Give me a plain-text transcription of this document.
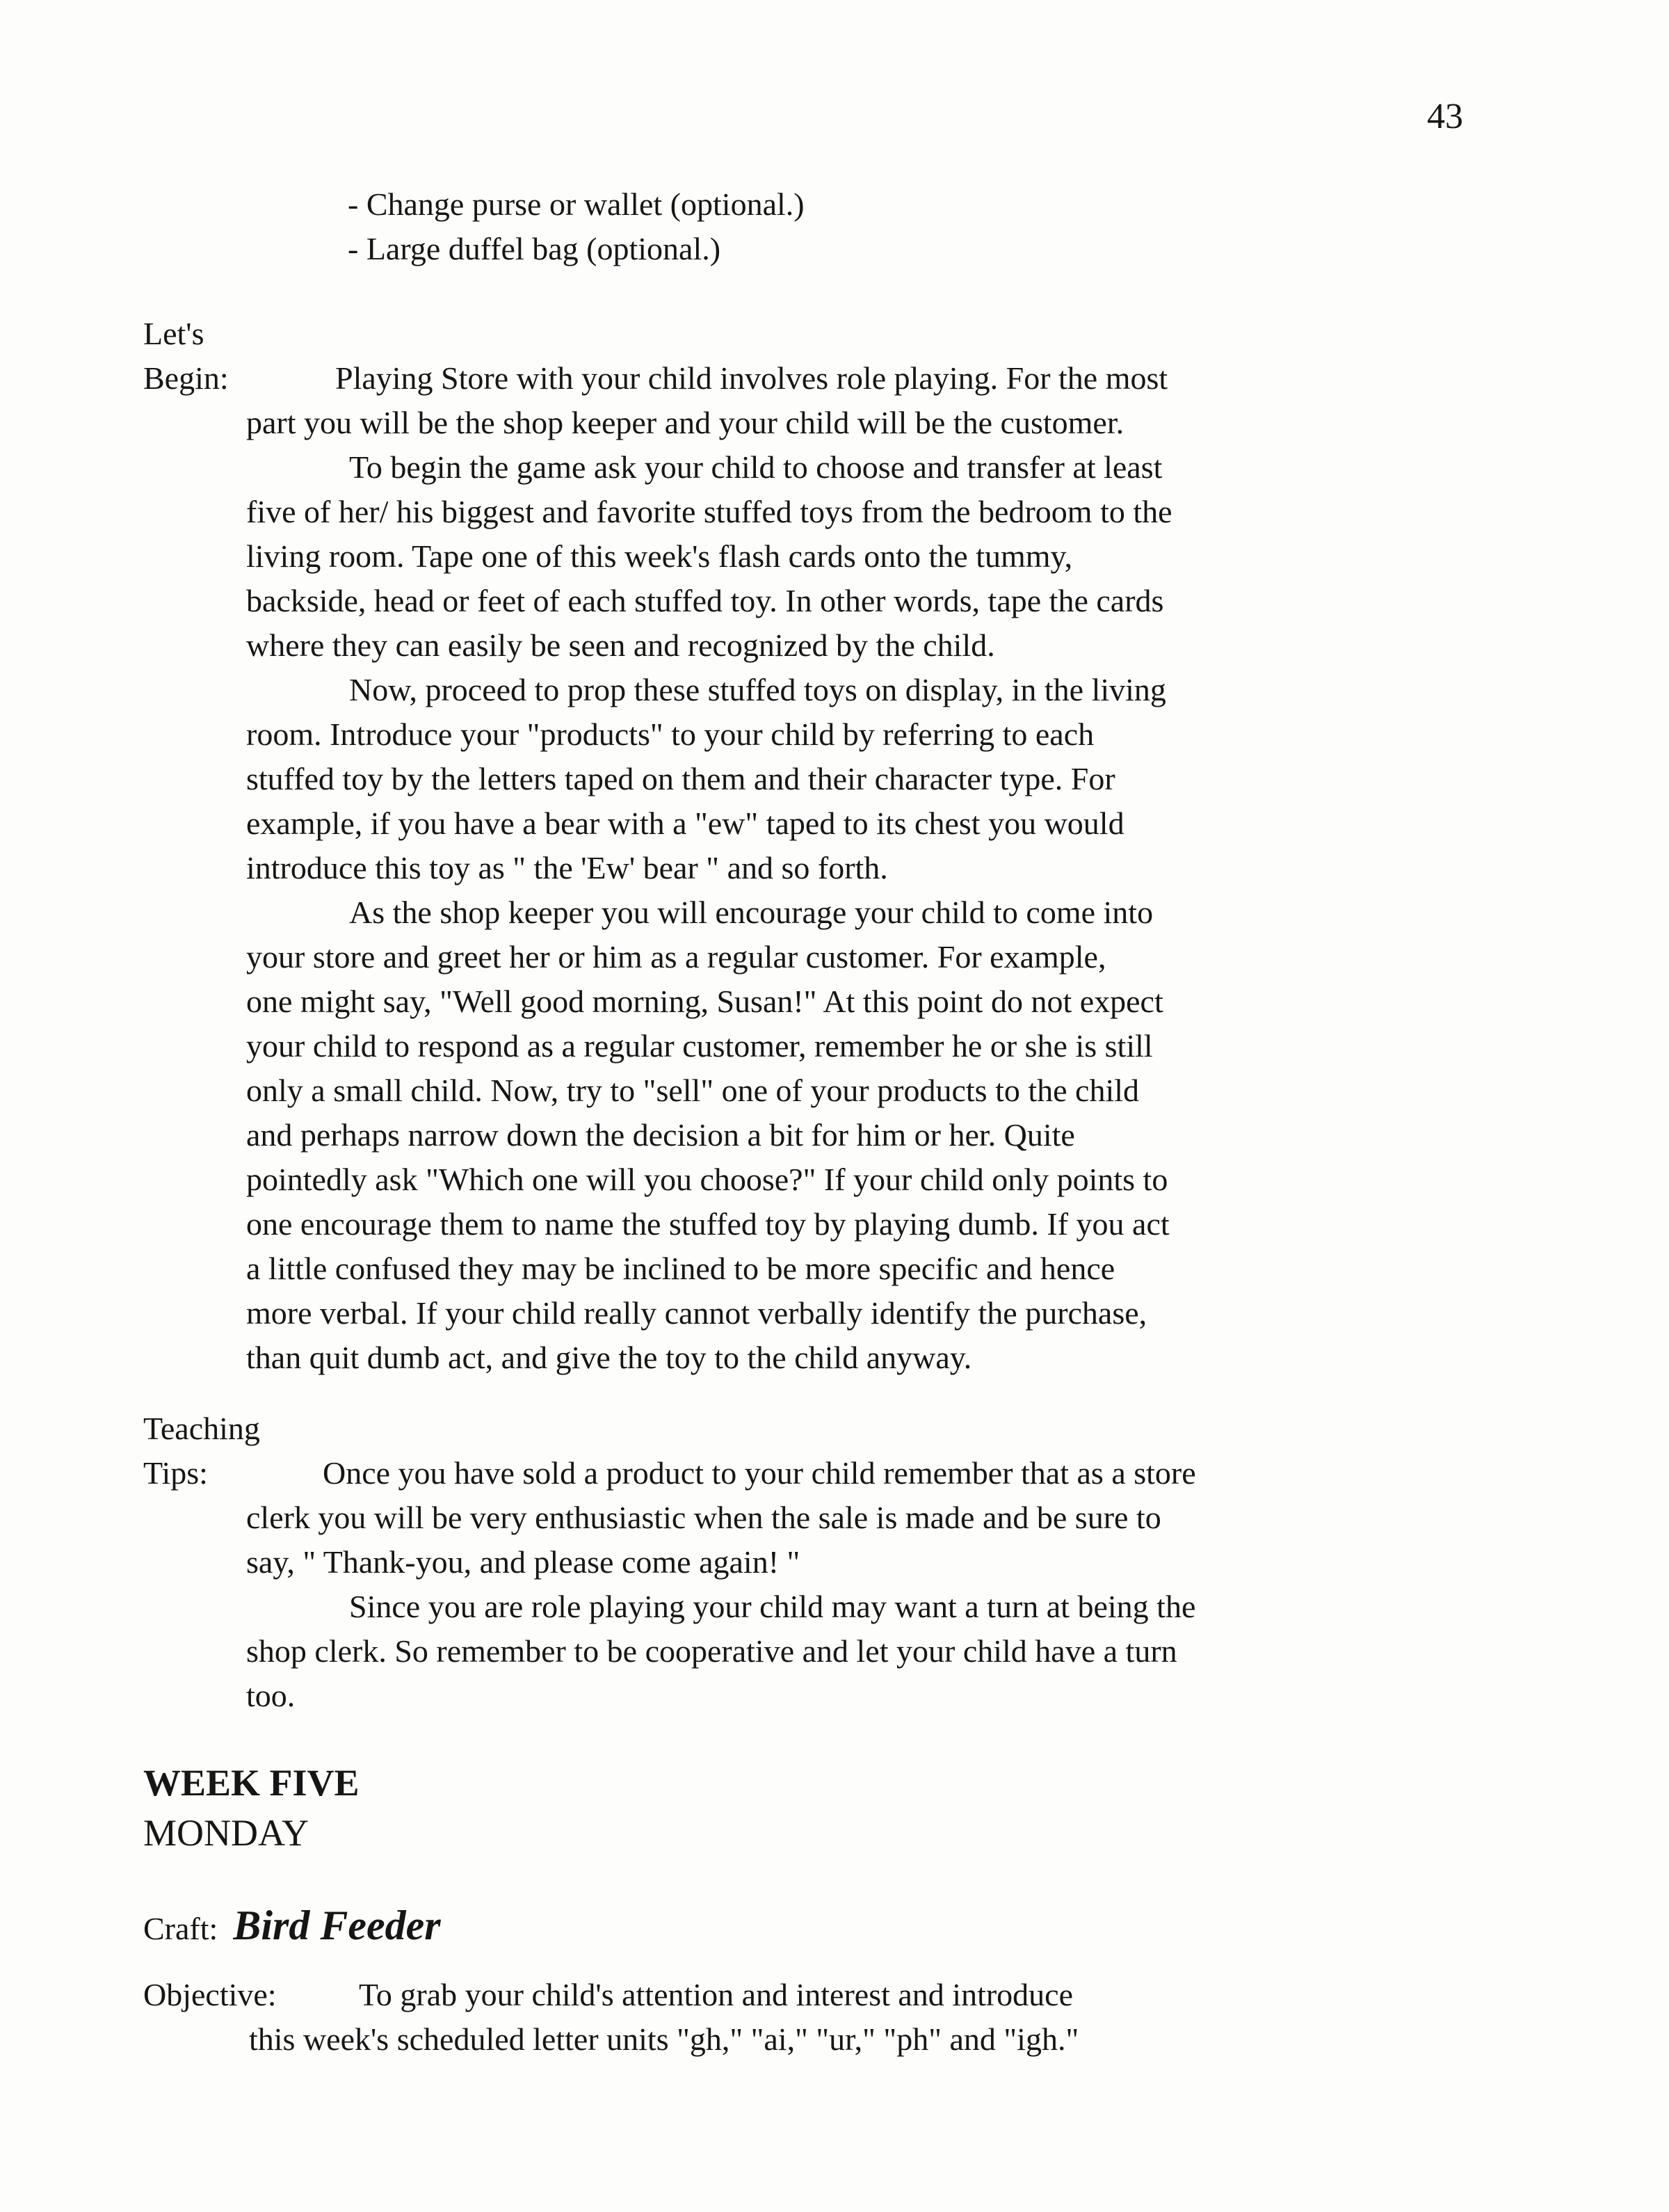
43
- Change purse or wallet (optional.)
- Large duffel bag (optional.)
Let's
Begin:	Playing Store with your child involves role playing. For the most
part you will be the shop keeper and your child will be the customer.
To begin the game ask your child to choose and transfer at least
five of her/ his biggest and favorite stuffed toys from the bedroom to the
living room. Tape one of this week's flash cards onto the tummy,
backside, head or feet of each stuffed toy. In other words, tape the cards
where they can easily be seen and recognized by the child.
Now, proceed to prop these stuffed toys on display, in the living
room. Introduce your "products" to your child by referring to each
stuffed toy by the letters taped on them and their character type. For
example, if you have a bear with a "ew" taped to its chest you would
introduce this toy as " the 'Ew' bear " and so forth.
As the shop keeper you will encourage your child to come into
your store and greet her or him as a regular customer. For example,
one might say, "Well good morning, Susan!" At this point do not expect
your child to respond as a regular customer, remember he or she is still
only a small child. Now, try to "sell" one of your products to the child
and perhaps narrow down the decision a bit for him or her. Quite
pointedly ask "Which one will you choose?" If your child only points to
one encourage them to name the stuffed toy by playing dumb. If you act
a little confused they may be inclined to be more specific and hence
more verbal. If your child really cannot verbally identify the purchase,
than quit dumb act, and give the toy to the child anyway.
Teaching
Tips:	Once you have sold a product to your child remember that as a store
clerk you will be very enthusiastic when the sale is made and be sure to
say, " Thank-you, and please come again! "
Since you are role playing your child may want a turn at being the
shop clerk. So remember to be cooperative and let your child have a turn
too.
WEEK FIVE
MONDAY
Craft: Bird Feeder
Objective:	To grab your child's attention and interest and introduce
this week's scheduled letter units "gh," "ai," "ur," "ph" and "igh."
